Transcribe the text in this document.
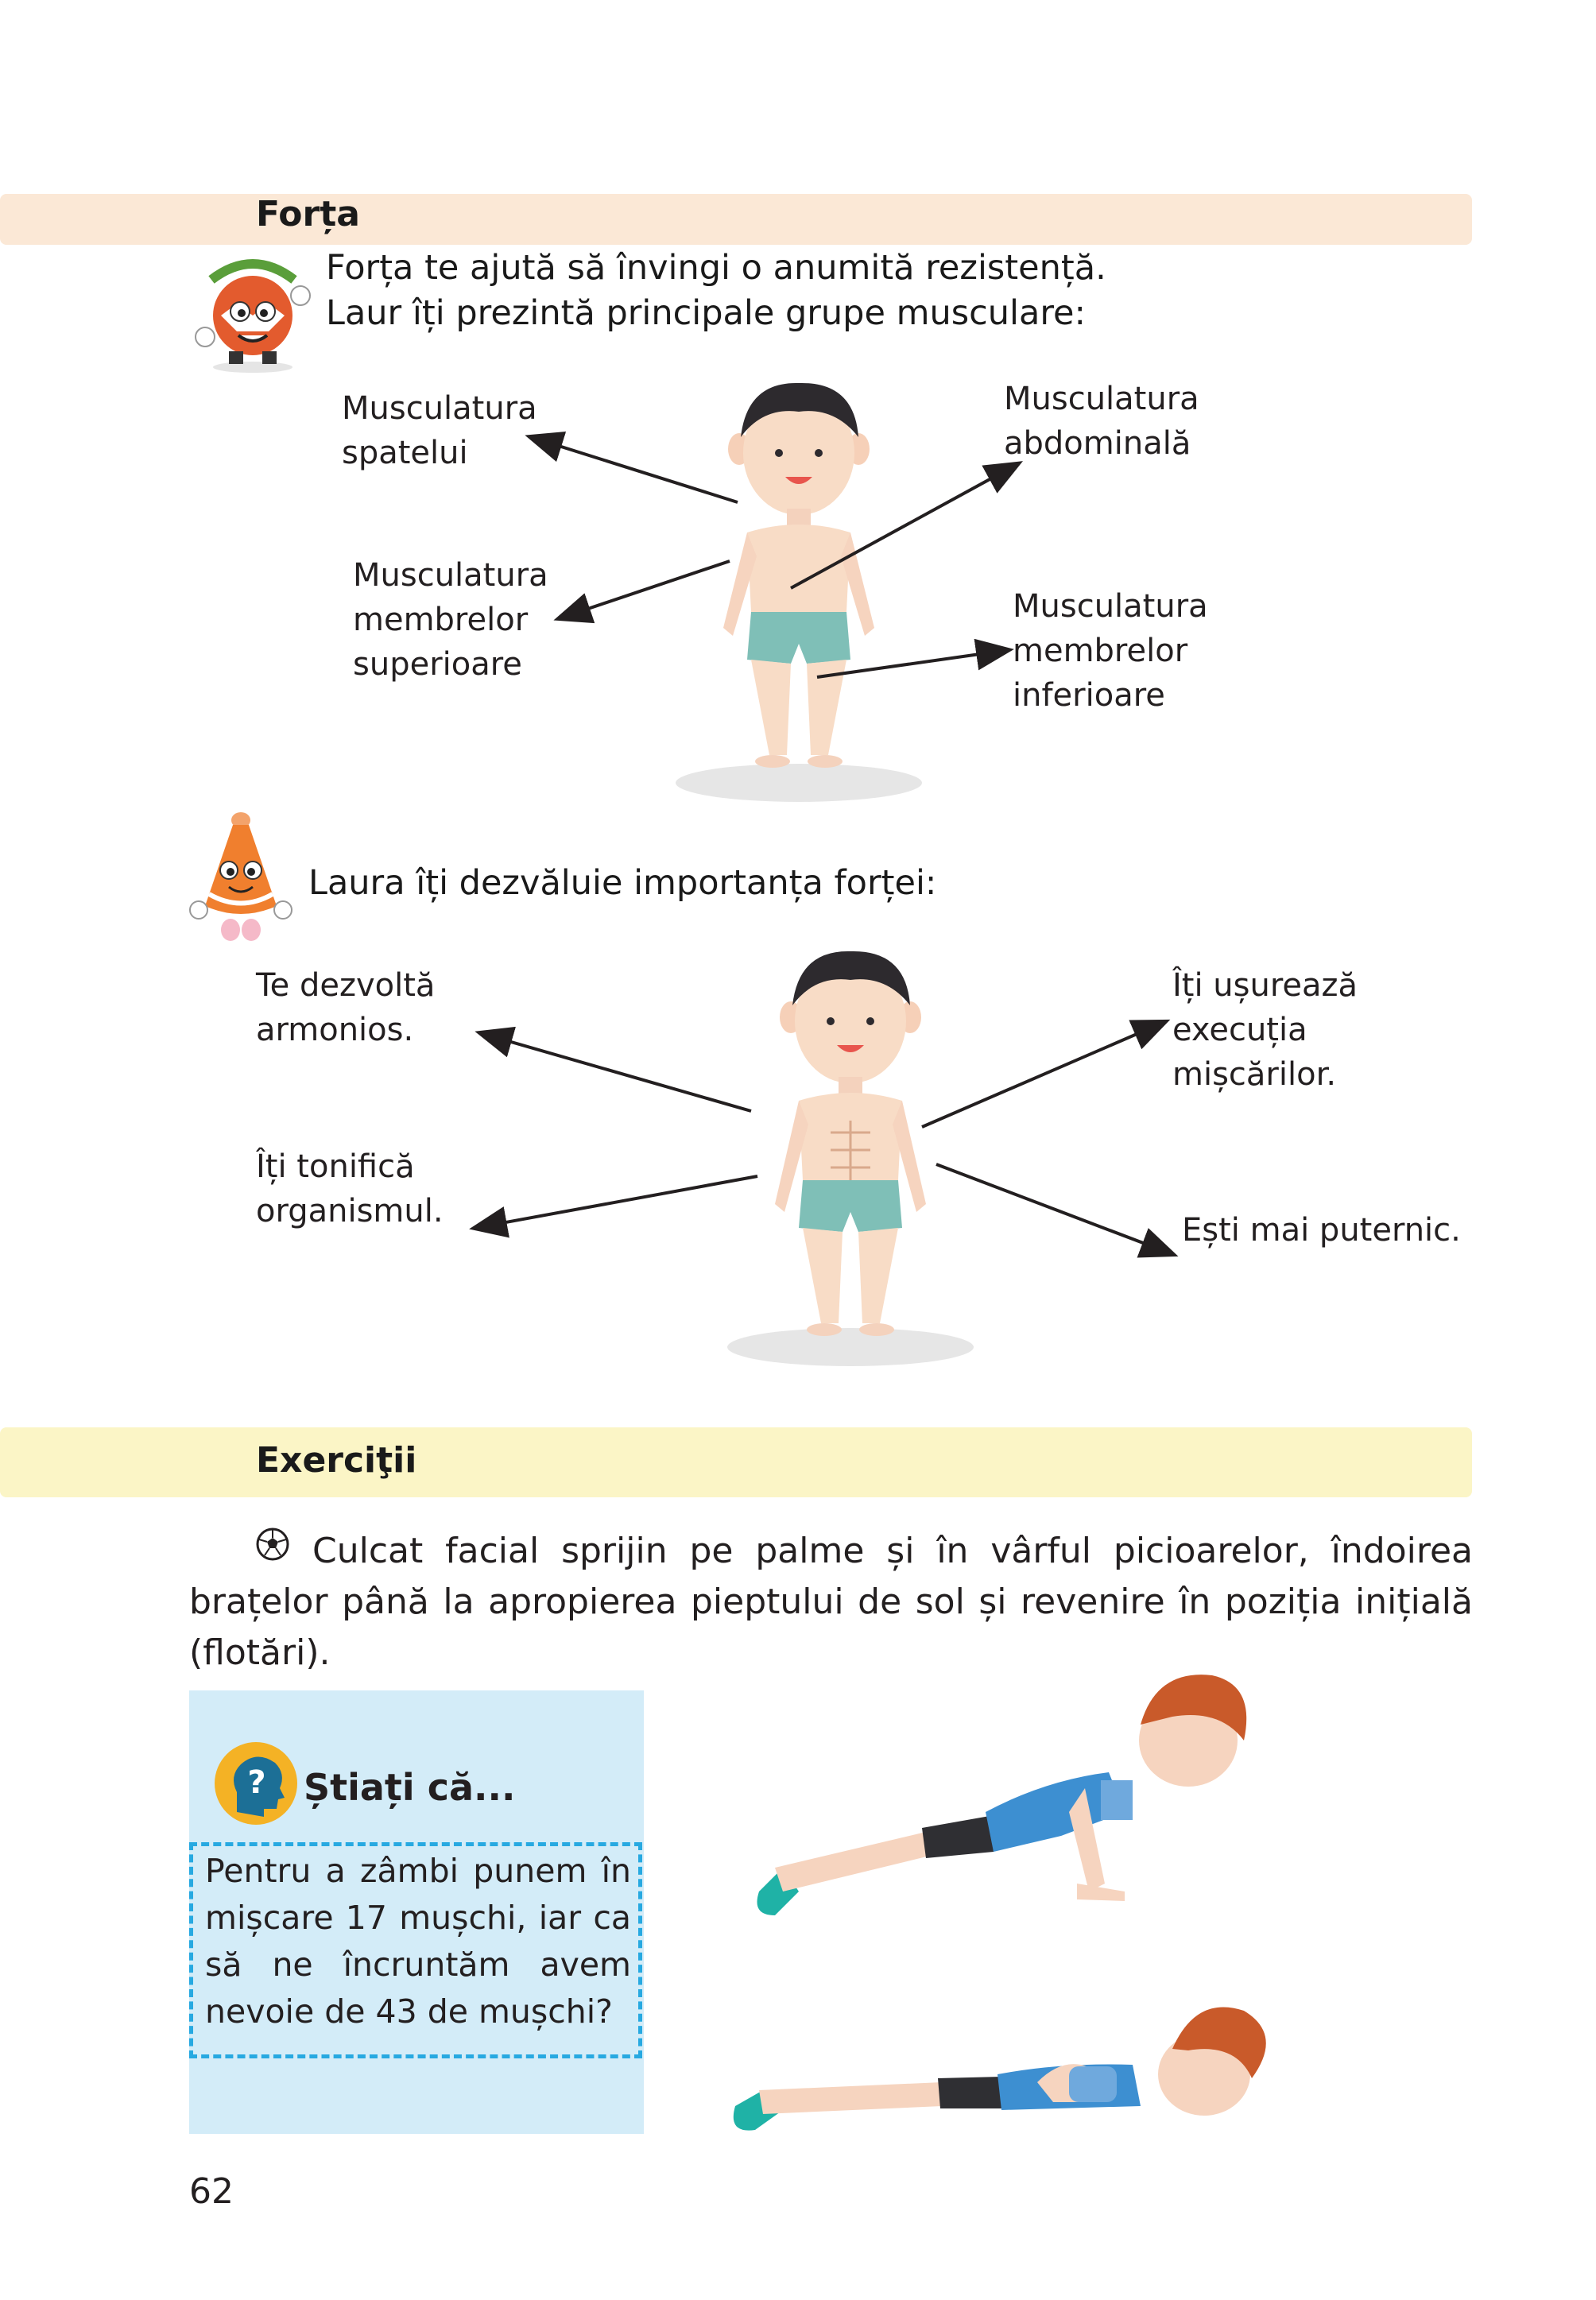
Forța
Forța te ajută să învingi o anumită rezistență.
Laur îți prezintă principale grupe musculare:
Musculatura
spatelui
Musculatura
abdominală
Musculatura
membrelor
superioare
Musculatura
membrelor
inferioare
Laura îți dezvăluie importanța forței:
Te dezvoltă
armonios.
Îți ușurează
execuția
mișcărilor.
Îți tonifică
organismul.
Ești mai puternic.
Exerciţii
Culcat facial sprijin pe palme și în vârful picioarelor, îndoirea brațelor până la apropierea pieptului de sol și revenire în poziția inițială (flotări).
? Știați că...
Pentru a zâmbi punem în mișcare 17 mușchi, iar ca să ne încruntăm avem nevoie de 43 de mușchi?
62
